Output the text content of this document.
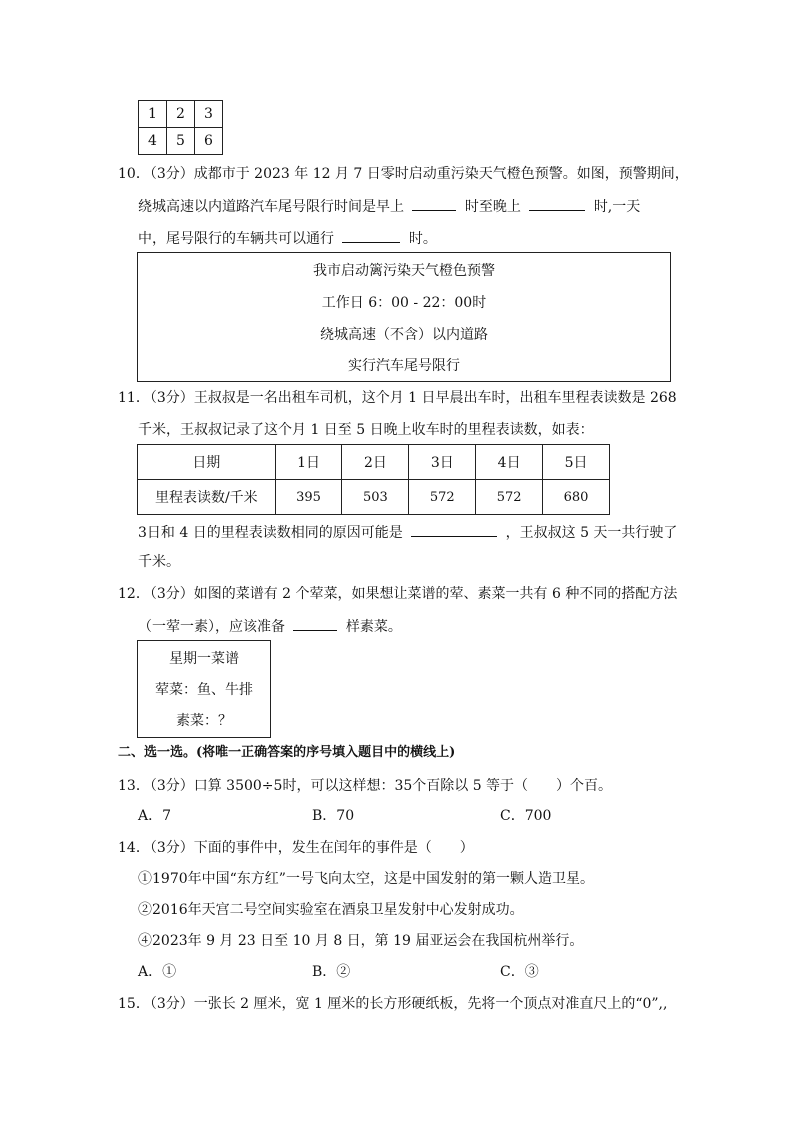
1	2	3
4	5	6
10．（3分）成都市于 2023 年 12 月 7 日零时启动重污染天气橙色预警。如图，预警期间，
绕城高速以内道路汽车尾号限行时间是早上	时至晚上	时,一天
中，尾号限行的车辆共可以通行	时。
我市启动篱污染天气橙色预警
工作日 6：00 - 22：00时
绕城高速（不含）以内道路
实行汽车尾号限行
11．（3分）王叔叔是一名出租车司机，这个月 1 日早晨出车时，出租车里程表读数是 268
千米，王叔叔记录了这个月 1 日至 5 日晚上收车时的里程表读数，如表：
日期	1日	2日	3日	4日	5日
里程表读数/千米	395	503	572	572	680
3日和 4 日的里程表读数相同的原因可能是	，王叔叔这 5 天一共行驶了
千米。
12．（3分）如图的菜谱有 2 个荤菜，如果想让菜谱的荤、素菜一共有 6 种不同的搭配方法
（一荤一素），应该准备	样素菜。
星期一菜谱
荤菜：鱼、牛排
素菜：？
二、选一选。(将唯一正确答案的序号填入题目中的横线上)
13．（3分）口算 3500÷5时，可以这样想：35个百除以 5 等于（　　）个百。
A．7	B．70	C．700
14．（3分）下面的事件中，发生在闰年的事件是（　　）
①1970年中国“东方红”一号飞向太空，这是中国发射的第一颗人造卫星。
②2016年天宫二号空间实验室在酒泉卫星发射中心发射成功。
④2023年 9 月 23 日至 10 月 8 日，第 19 届亚运会在我国杭州举行。
A．①	B．②	C．③
15．（3分）一张长 2 厘米，宽 1 厘米的长方形硬纸板，先将一个顶点对准直尺上的“0”,,
